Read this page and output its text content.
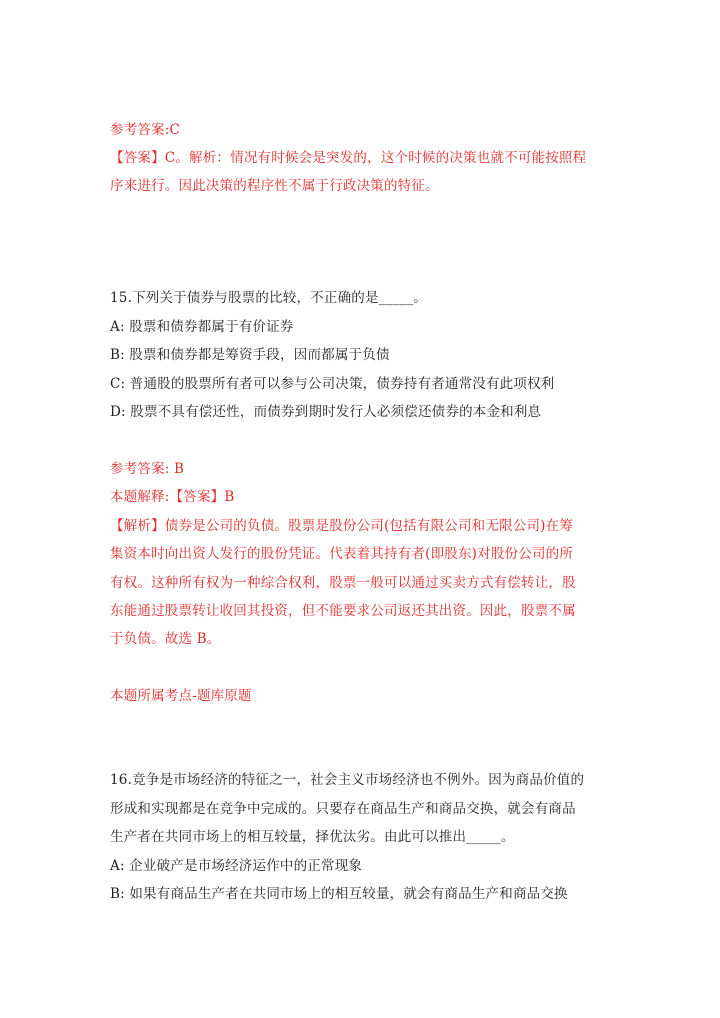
参考答案:C
【答案】C。解析：情况有时候会是突发的，这个时候的决策也就不可能按照程
序来进行。因此决策的程序性不属于行政决策的特征。
15.下列关于债券与股票的比较，不正确的是_____。
A: 股票和债券都属于有价证券
B: 股票和债券都是筹资手段，因而都属于负债
C: 普通股的股票所有者可以参与公司决策，债券持有者通常没有此项权利
D: 股票不具有偿还性，而债券到期时发行人必须偿还债券的本金和利息
参考答案: B
本题解释:【答案】B
【解析】债券是公司的负债。股票是股份公司(包括有限公司和无限公司)在筹
集资本时向出资人发行的股份凭证。代表着其持有者(即股东)对股份公司的所
有权。这种所有权为一种综合权利，股票一般可以通过买卖方式有偿转让，股
东能通过股票转让收回其投资，但不能要求公司返还其出资。因此，股票不属
于负债。故选 B。
本题所属考点-题库原题
16.竞争是市场经济的特征之一，社会主义市场经济也不例外。因为商品价值的
形成和实现都是在竞争中完成的。只要存在商品生产和商品交换，就会有商品
生产者在共同市场上的相互较量，择优汰劣。由此可以推出_____。
A: 企业破产是市场经济运作中的正常现象
B: 如果有商品生产者在共同市场上的相互较量，就会有商品生产和商品交换
